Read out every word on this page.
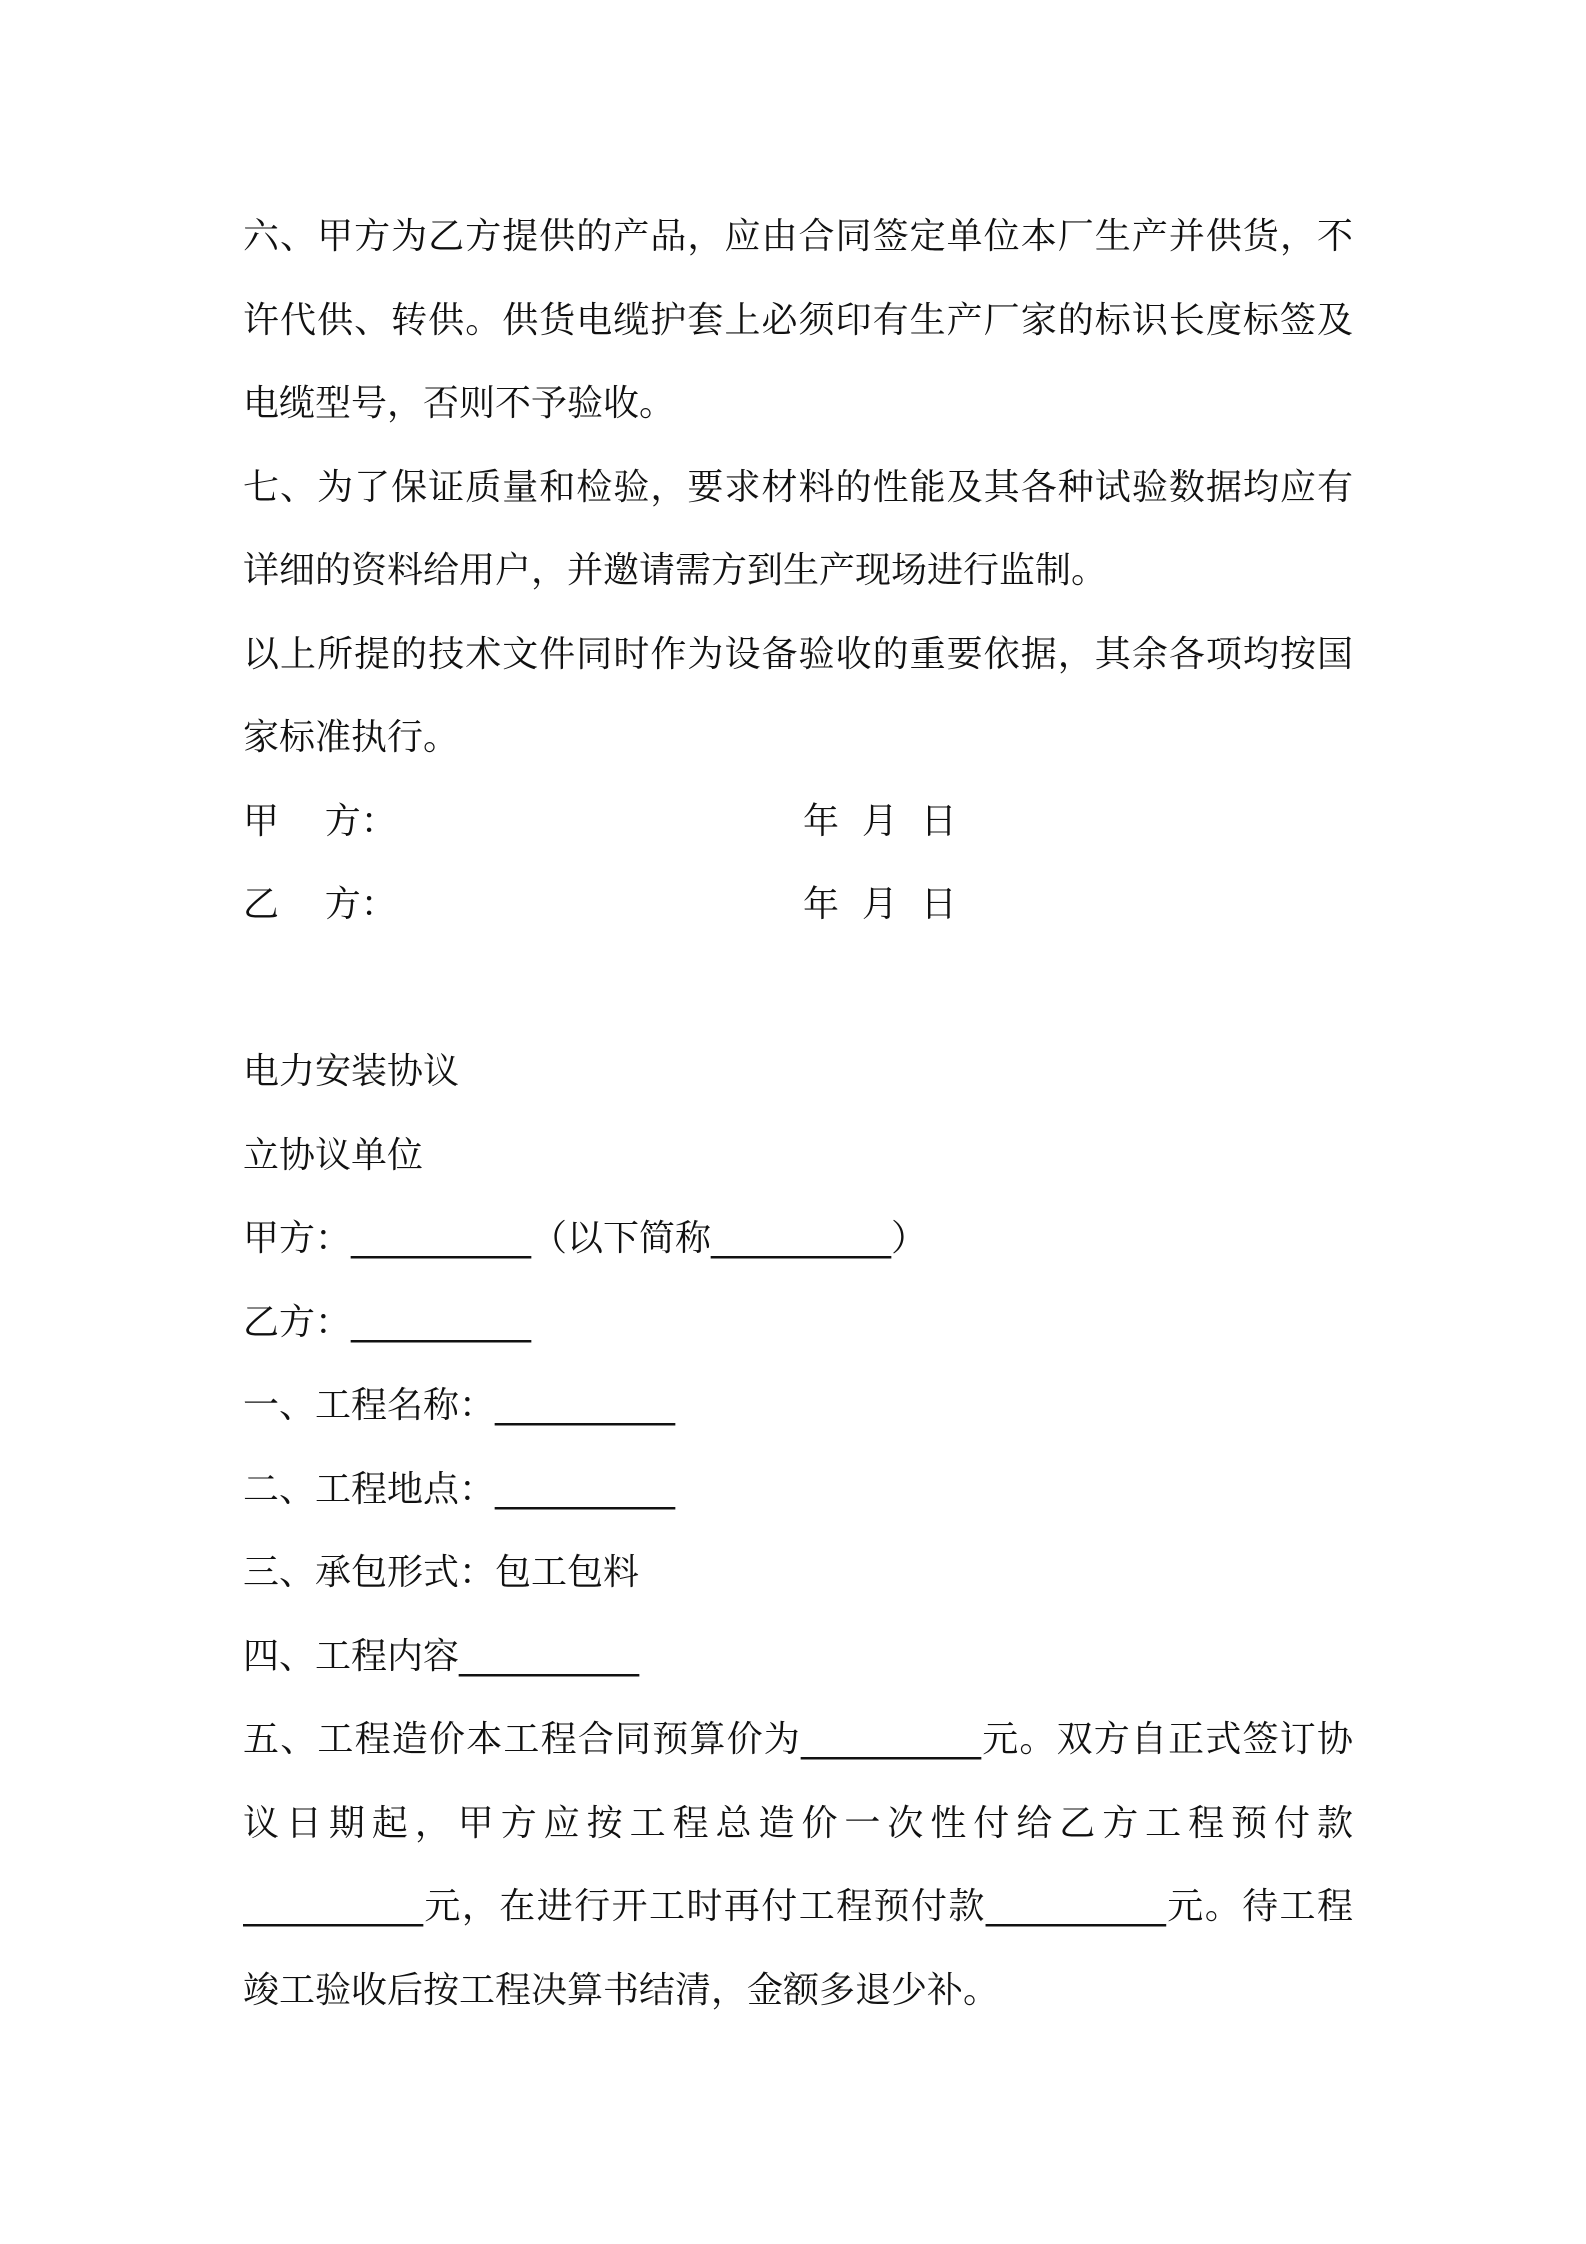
六、甲方为乙方提供的产品，应由合同签定单位本厂生产并供货，不
许代供、转供。供货电缆护套上必须印有生产厂家的标识长度标签及
电缆型号，否则不予验收。
七、为了保证质量和检验，要求材料的性能及其各种试验数据均应有
详细的资料给用户，并邀请需方到生产现场进行监制。
以上所提的技术文件同时作为设备验收的重要依据，其余各项均按国
家标准执行。
甲    方：	年  月  日
乙    方：	年  月  日
电力安装协议
立协议单位
甲方：__________（以下简称__________）
乙方：__________
一、工程名称：__________
二、工程地点：__________
三、承包形式：包工包料
四、工程内容__________
五、工程造价本工程合同预算价为__________元。双方自正式签订协
议日期起，甲方应按工程总造价一次性付给乙方工程预付款
__________元，在进行开工时再付工程预付款__________元。待工程
竣工验收后按工程决算书结清，金额多退少补。
